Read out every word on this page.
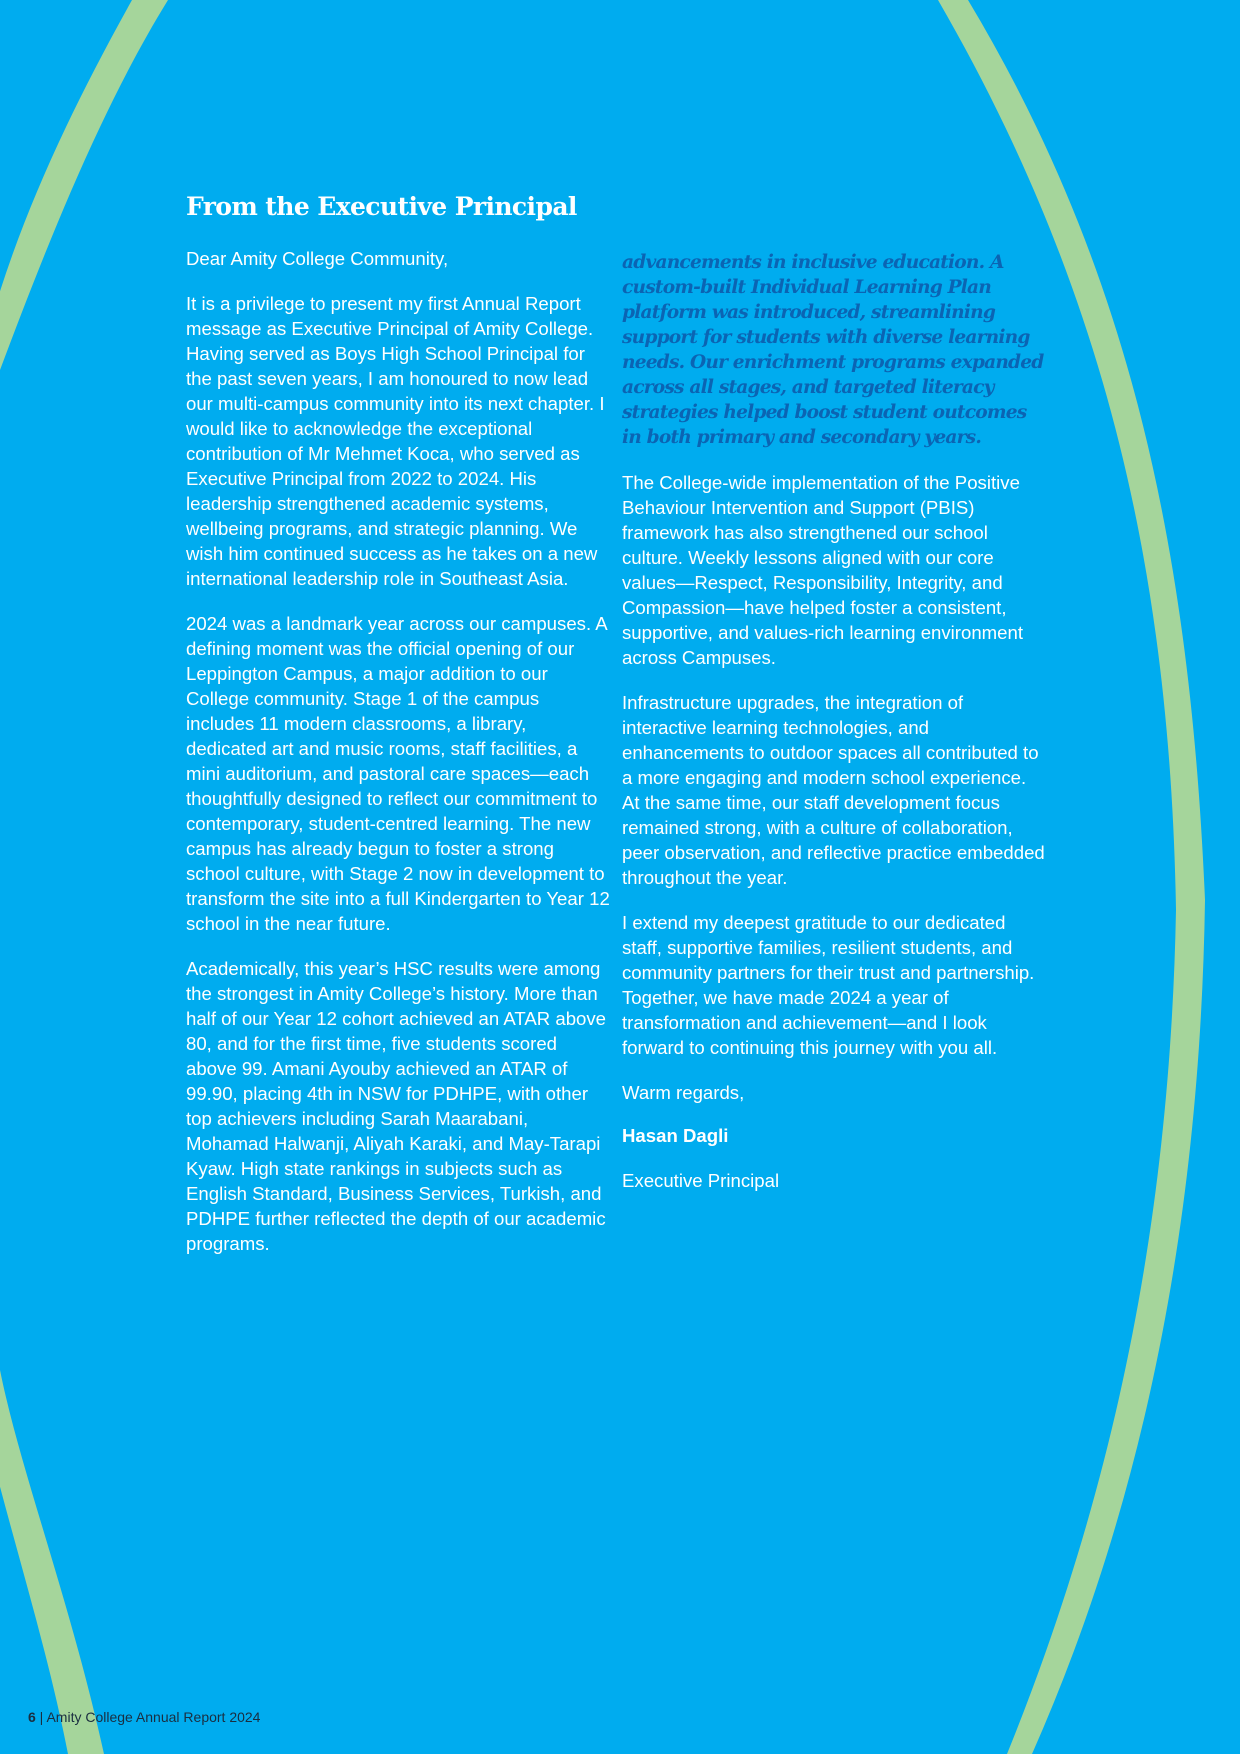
From the Executive Principal

Dear Amity College Community,

It is a privilege to present my first Annual Report message as Executive Principal of Amity College. Having served as Boys High School Principal for the past seven years, I am honoured to now lead our multi-campus community into its next chapter. I would like to acknowledge the exceptional contribution of Mr Mehmet Koca, who served as Executive Principal from 2022 to 2024. His leadership strengthened academic systems, wellbeing programs, and strategic planning. We wish him continued success as he takes on a new international leadership role in Southeast Asia.

2024 was a landmark year across our campuses. A defining moment was the official opening of our Leppington Campus, a major addition to our College community. Stage 1 of the campus includes 11 modern classrooms, a library, dedicated art and music rooms, staff facilities, a mini auditorium, and pastoral care spaces—each thoughtfully designed to reflect our commitment to contemporary, student-centred learning. The new campus has already begun to foster a strong school culture, with Stage 2 now in development to transform the site into a full Kindergarten to Year 12 school in the near future.

Academically, this year’s HSC results were among the strongest in Amity College’s history. More than half of our Year 12 cohort achieved an ATAR above 80, and for the first time, five students scored above 99. Amani Ayouby achieved an ATAR of 99.90, placing 4th in NSW for PDHPE, with other top achievers including Sarah Maarabani, Mohamad Halwanji, Aliyah Karaki, and May-Tarapi Kyaw. High state rankings in subjects such as English Standard, Business Services, Turkish, and PDHPE further reflected the depth of our academic programs.

advancements in inclusive education. A custom-built Individual Learning Plan platform was introduced, streamlining support for students with diverse learning needs. Our enrichment programs expanded across all stages, and targeted literacy strategies helped boost student outcomes in both primary and secondary years.

The College-wide implementation of the Positive Behaviour Intervention and Support (PBIS) framework has also strengthened our school culture. Weekly lessons aligned with our core values—Respect, Responsibility, Integrity, and Compassion—have helped foster a consistent, supportive, and values-rich learning environment across Campuses.

Infrastructure upgrades, the integration of interactive learning technologies, and enhancements to outdoor spaces all contributed to a more engaging and modern school experience. At the same time, our staff development focus remained strong, with a culture of collaboration, peer observation, and reflective practice embedded throughout the year.

I extend my deepest gratitude to our dedicated staff, supportive families, resilient students, and community partners for their trust and partnership. Together, we have made 2024 a year of transformation and achievement—and I look forward to continuing this journey with you all.

Warm regards,

Hasan Dagli

Executive Principal

6 | Amity College Annual Report 2024
